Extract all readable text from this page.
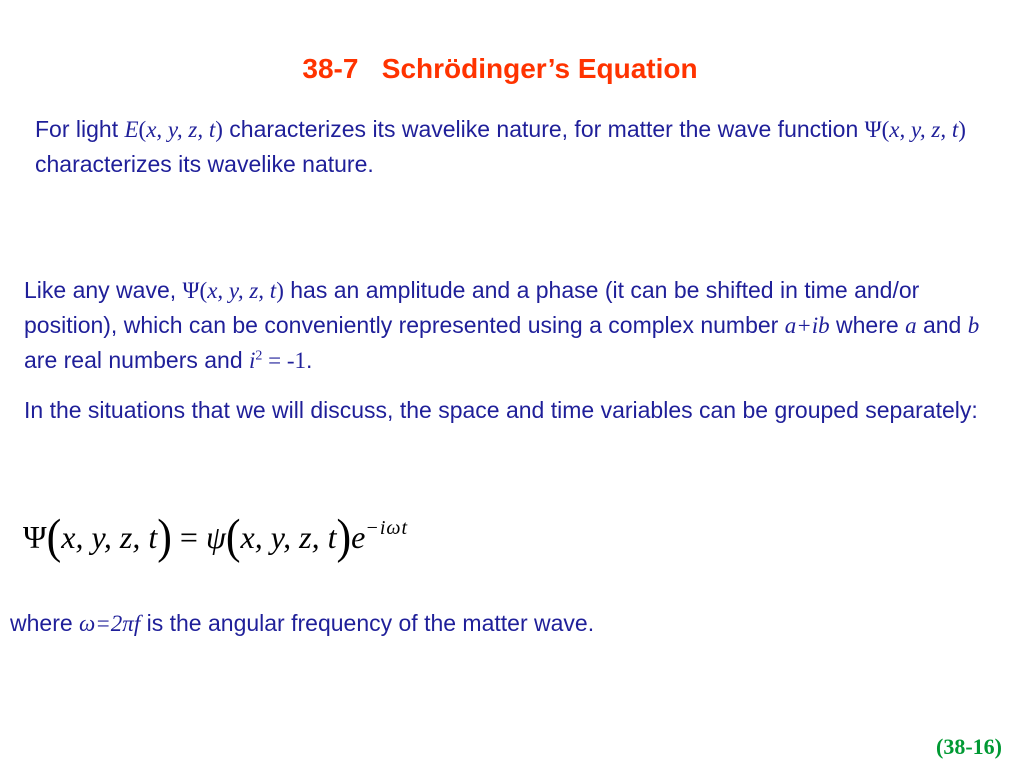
38-7   Schrödinger’s Equation

For light E(x, y, z, t) characterizes its wavelike nature, for matter the wave function Ψ(x, y, z, t) characterizes its wavelike nature.

Like any wave, Ψ(x, y, z, t) has an amplitude and a phase (it can be shifted in time and/or position), which can be conveniently represented using a complex number a+ib where a and b are real numbers and $i^2 = -1$.

In the situations that we will discuss, the space and time variables can be grouped separately:

Ψ(x, y, z, t) = ψ(x, y, z, $t)e^{-i\omega t}$

where ω=2πf is the angular frequency of the matter wave.

(38-16)
